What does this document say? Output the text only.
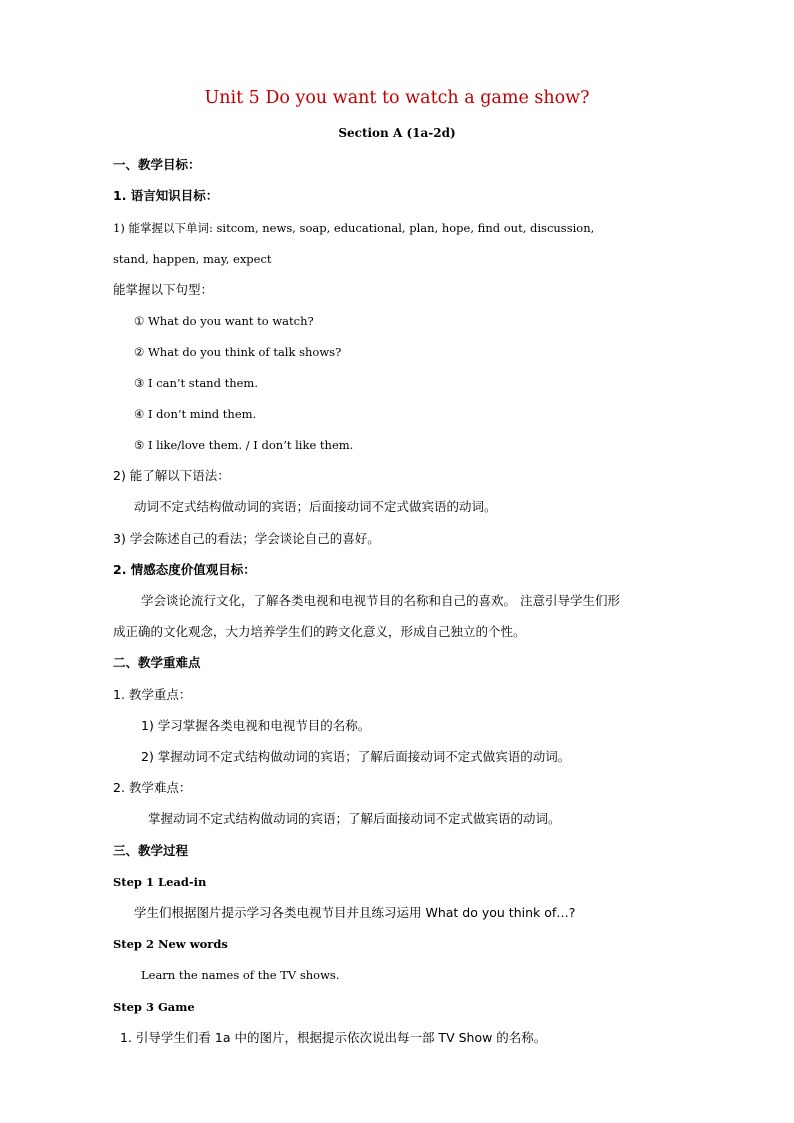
Unit 5 Do you want to watch a game show?
Section A (1a-2d)
一、教学目标：
1. 语言知识目标：
1) 能掌握以下单词: sitcom, news, soap, educational, plan, hope, find out, discussion,
stand, happen, may, expect
能掌握以下句型：
① What do you want to watch?
② What do you think of talk shows?
③ I can’t stand them.
④ I don’t mind them.
⑤ I like/love them. / I don’t like them.
2) 能了解以下语法：
动词不定式结构做动词的宾语；后面接动词不定式做宾语的动词。
3) 学会陈述自己的看法；学会谈论自己的喜好。
2. 情感态度价值观目标：
学会谈论流行文化，了解各类电视和电视节目的名称和自己的喜欢。 注意引导学生们形
成正确的文化观念，大力培养学生们的跨文化意义，形成自己独立的个性。
二、教学重难点
1. 教学重点：
1) 学习掌握各类电视和电视节目的名称。
2) 掌握动词不定式结构做动词的宾语；了解后面接动词不定式做宾语的动词。
2. 教学难点：
掌握动词不定式结构做动词的宾语；了解后面接动词不定式做宾语的动词。
三、教学过程
Step 1 Lead-in
学生们根据图片提示学习各类电视节目并且练习运用 What do you think of…?
Step 2 New words
Learn the names of the TV shows.
Step 3 Game
1. 引导学生们看 1a 中的图片，根据提示依次说出每一部 TV Show 的名称。
